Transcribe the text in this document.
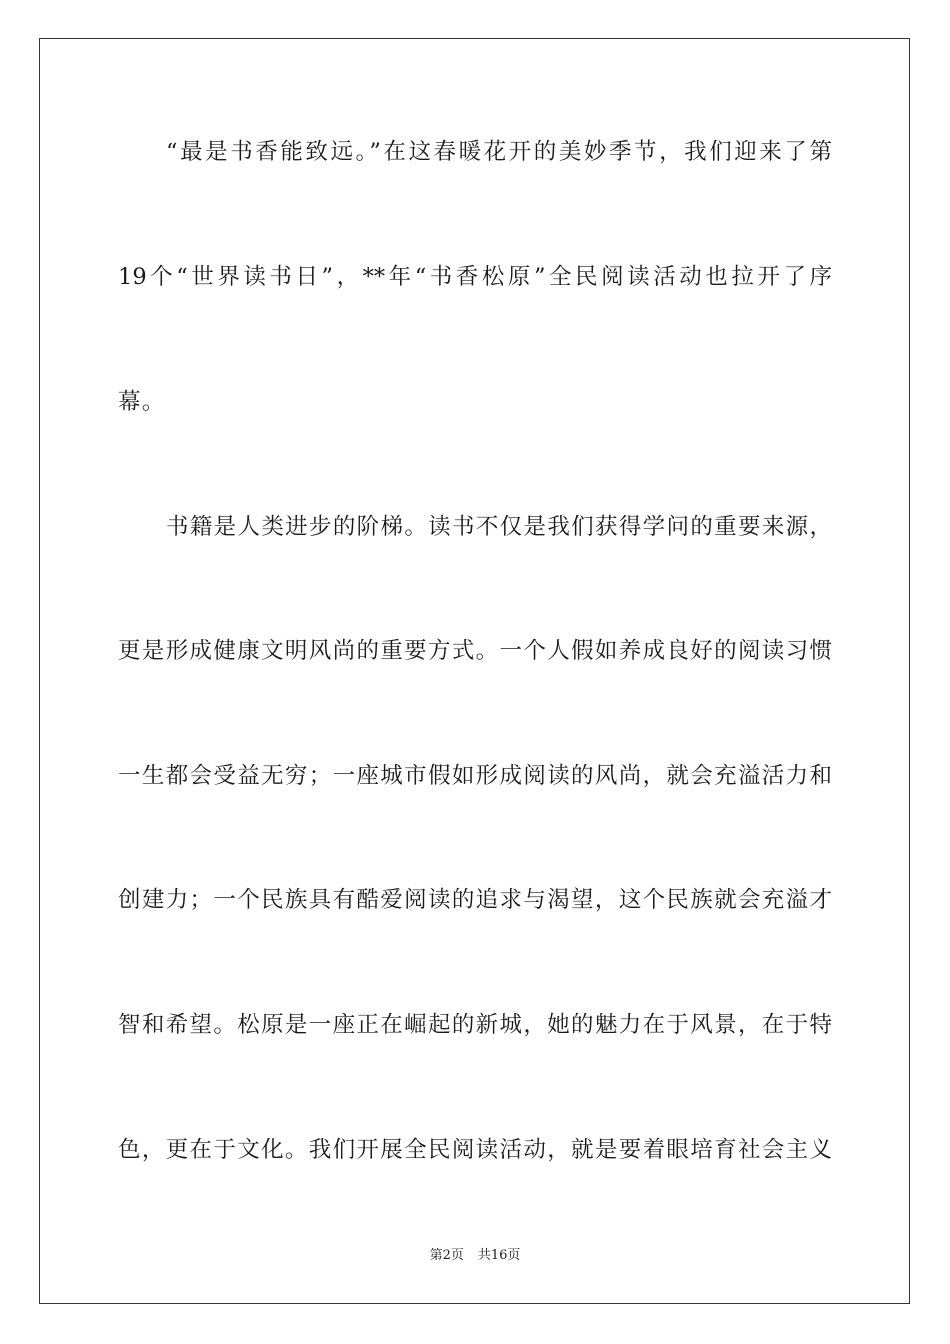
“最是书香能致远。”在这春暖花开的美妙季节，我们迎来了第
19个“世界读书日”，**年“书香松原”全民阅读活动也拉开了序
幕。
书籍是人类进步的阶梯。读书不仅是我们获得学问的重要来源，
更是形成健康文明风尚的重要方式。一个人假如养成良好的阅读习惯
一生都会受益无穷；一座城市假如形成阅读的风尚，就会充溢活力和
创建力；一个民族具有酷爱阅读的追求与渴望，这个民族就会充溢才
智和希望。松原是一座正在崛起的新城，她的魅力在于风景，在于特
色，更在于文化。我们开展全民阅读活动，就是要着眼培育社会主义
第2页 共16页
